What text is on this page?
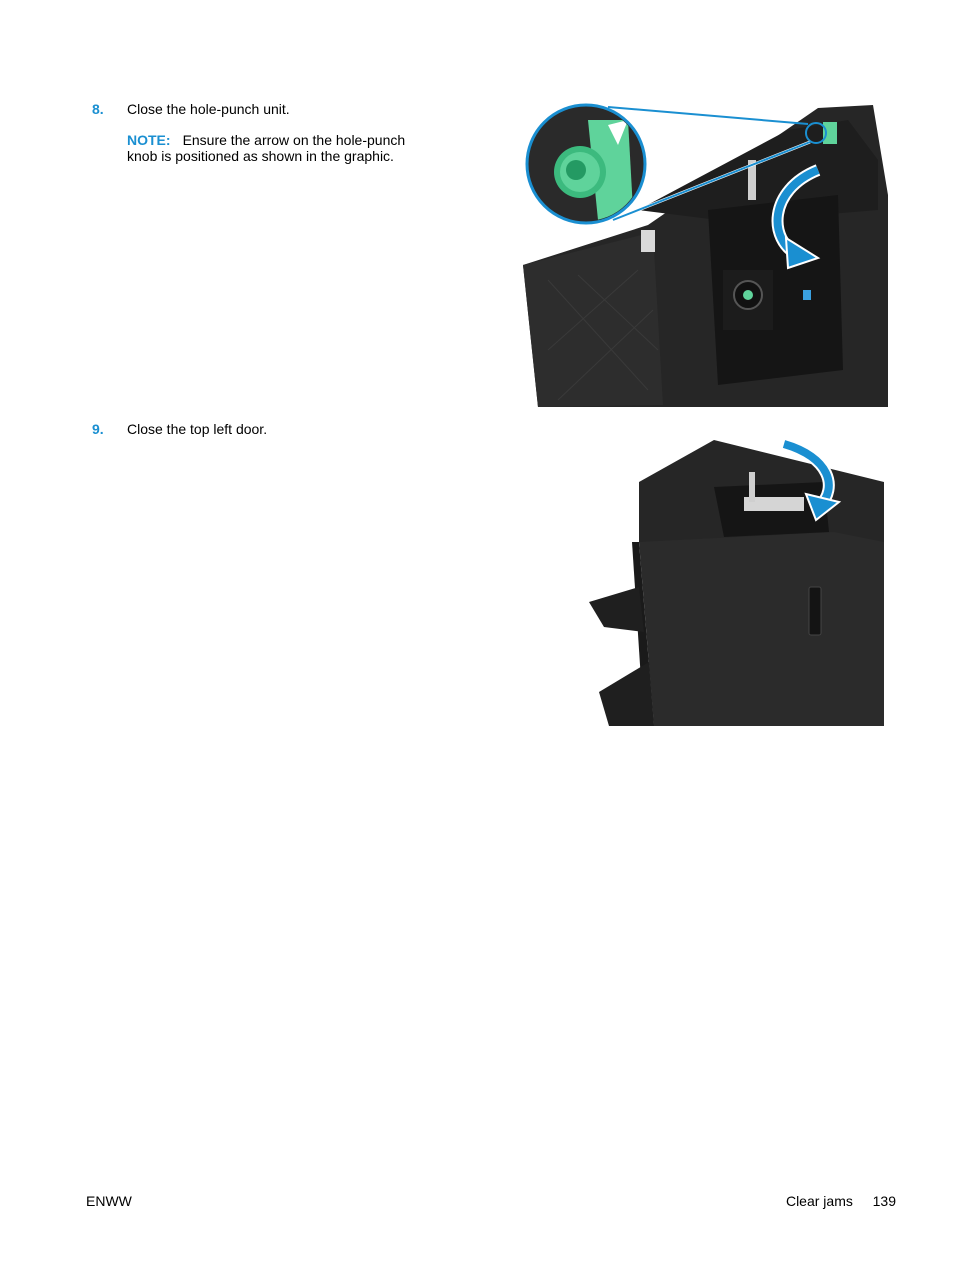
8. Close the hole-punch unit.
NOTE: Ensure the arrow on the hole-punch knob is positioned as shown in the graphic.
9. Close the top left door.
ENWW	Clear jams 139
